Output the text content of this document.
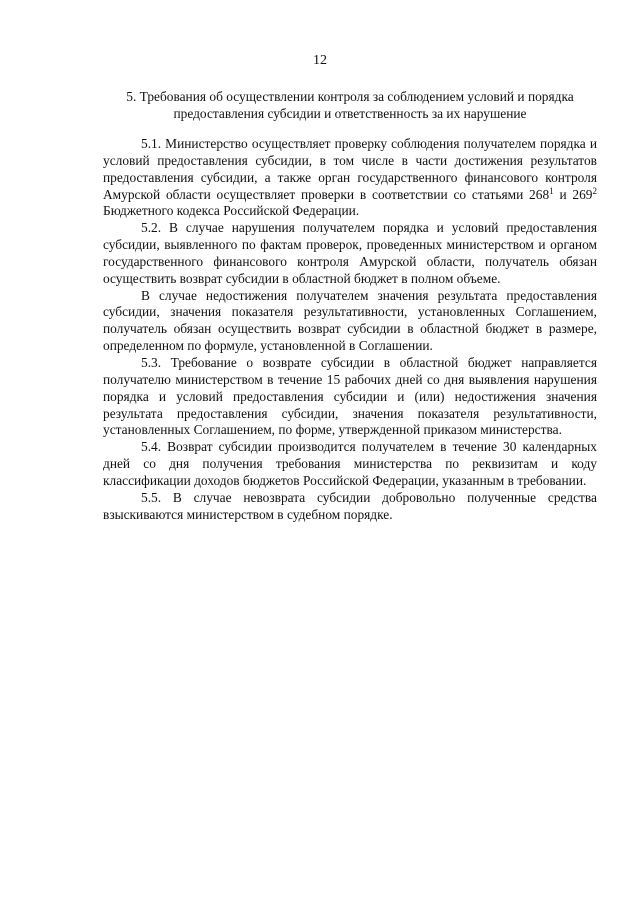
12
5. Требования об осуществлении контроля за соблюдением условий и порядка предоставления субсидии и ответственность за их нарушение

5.1. Министерство осуществляет проверку соблюдения получателем порядка и условий предоставления субсидии, в том числе в части достижения результатов предоставления субсидии, а также орган государственного финансового контроля Амурской области осуществляет проверки в соответствии со статьями $268^1$ и $269^2$ Бюджетного кодекса Российской Федерации.

5.2. В случае нарушения получателем порядка и условий предоставления субсидии, выявленного по фактам проверок, проведенных министерством и органом государственного финансового контроля Амурской области, получатель обязан осуществить возврат субсидии в областной бюджет в полном объеме.

В случае недостижения получателем значения результата предоставления субсидии, значения показателя результативности, установленных Соглашением, получатель обязан осуществить возврат субсидии в областной бюджет в размере, определенном по формуле, установленной в Соглашении.

5.3. Требование о возврате субсидии в областной бюджет направляется получателю министерством в течение 15 рабочих дней со дня выявления нарушения порядка и условий предоставления субсидии и (или) недостижения значения результата предоставления субсидии, значения показателя результативности, установленных Соглашением, по форме, утвержденной приказом министерства.

5.4. Возврат субсидии производится получателем в течение 30 календарных дней со дня получения требования министерства по реквизитам и коду классификации доходов бюджетов Российской Федерации, указанным в требовании.

5.5. В случае невозврата субсидии добровольно полученные средства взыскиваются министерством в судебном порядке.
